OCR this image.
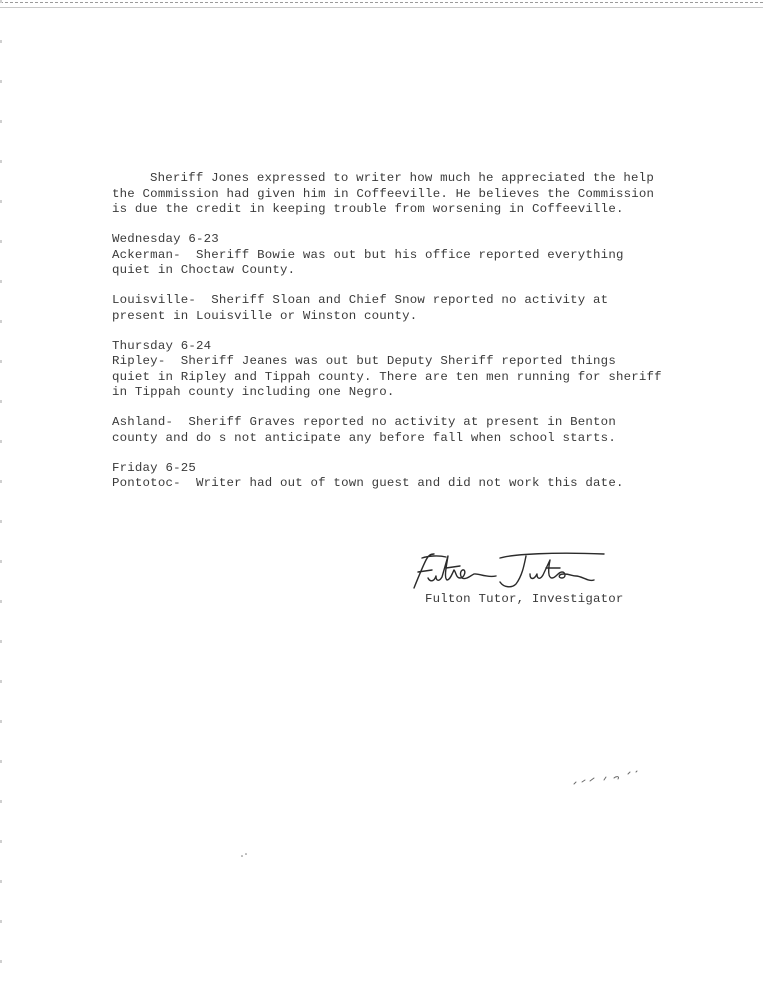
Sheriff Jones expressed to writer how much he appreciated the help
the Commission had given him in Coffeeville. He believes the Commission
is due the credit in keeping trouble from worsening in Coffeeville.
Wednesday 6-23
Ackerman-  Sheriff Bowie was out but his office reported everything
quiet in Choctaw County.
Louisville-  Sheriff Sloan and Chief Snow reported no activity at
present in Louisville or Winston county.
Thursday 6-24
Ripley-  Sheriff Jeanes was out but Deputy Sheriff reported things
quiet in Ripley and Tippah county. There are ten men running for sheriff
in Tippah county including one Negro.
Ashland-  Sheriff Graves reported no activity at present in Benton
county and do s not anticipate any before fall when school starts.
Friday 6-25
Pontotoc-  Writer had out of town guest and did not work this date.
Fulton Tutor, Investigator
